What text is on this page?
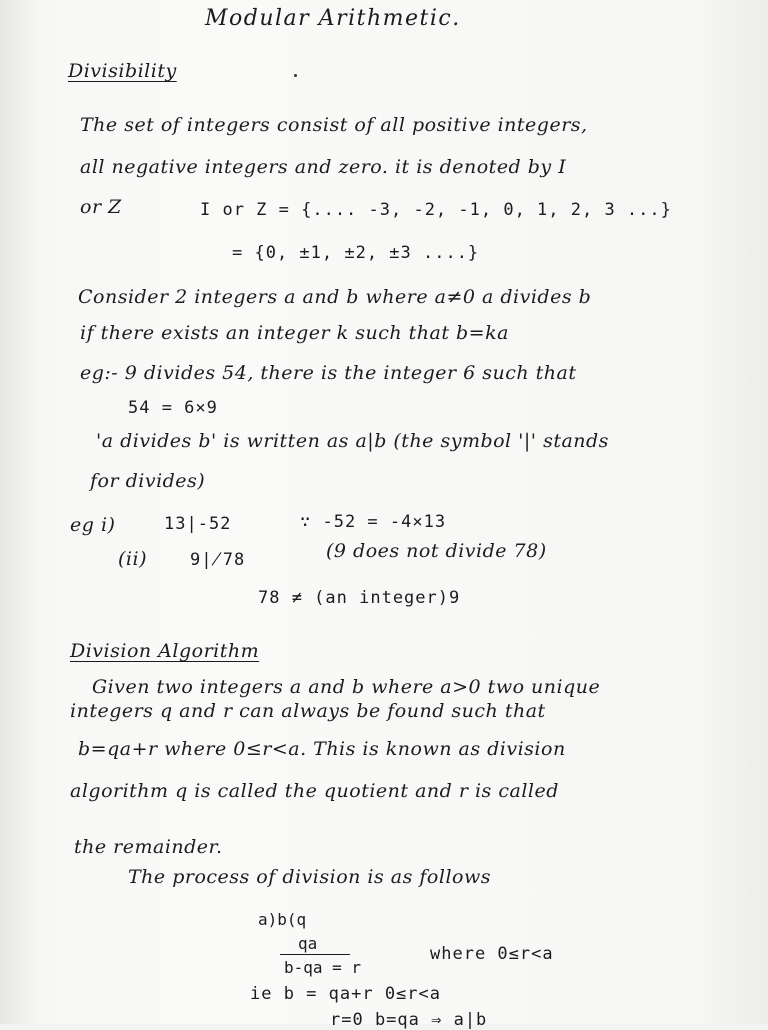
Modular Arithmetic.
Divisibility
The set of integers consist of all positive integers,
all negative integers and zero. it is denoted by I
or Z	I or Z = {.... -3, -2, -1, 0, 1, 2, 3 ...}
= {0, ±1, ±2, ±3 ....}
Consider 2 integers a and b where a≠0 a divides b
if there exists an integer k such that b=ka
eg:- 9 divides 54, there is the integer 6 such that
54 = 6×9
'a divides b' is written as a|b (the symbol '|' stands
for divides)
eg i)	13|-52	∵ -52 = -4×13
(ii)	9∤78	(9 does not divide 78)
78 ≠ (an integer)9
Division Algorithm
Given two integers a and b where a>0 two unique
integers q and r can always be found such that
b=qa+r where 0≤r<a. This is known as division
algorithm q is called the quotient and r is called
the remainder.
The process of division is as follows
a)b(q
qa
b-qa = r
where 0≤r<a
ie b = qa+r 0≤r<a
r=0 b=qa ⇒ a|b
